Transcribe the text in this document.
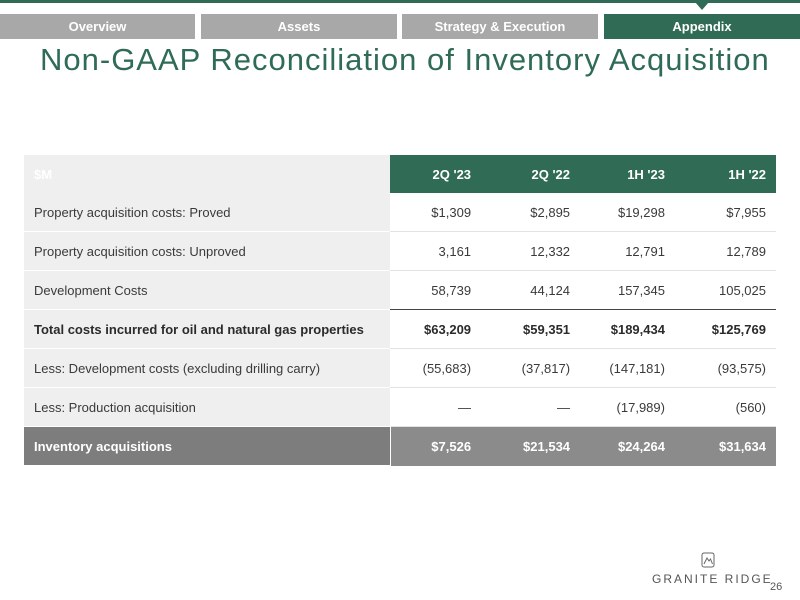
Overview	Assets	Strategy & Execution	Appendix
Non-GAAP Reconciliation of Inventory Acquisition
$M	2Q '23	2Q '22	1H '23	1H '22
Property acquisition costs: Proved	$1,309	$2,895	$19,298	$7,955
Property acquisition costs: Unproved	3,161	12,332	12,791	12,789
Development Costs	58,739	44,124	157,345	105,025
Total costs incurred for oil and natural gas properties	$63,209	$59,351	$189,434	$125,769
Less: Development costs (excluding drilling carry)	(55,683)	(37,817)	(147,181)	(93,575)
Less: Production acquisition	—	—	(17,989)	(560)
Inventory acquisitions	$7,526	$21,534	$24,264	$31,634
GRANITE RIDGE
26
